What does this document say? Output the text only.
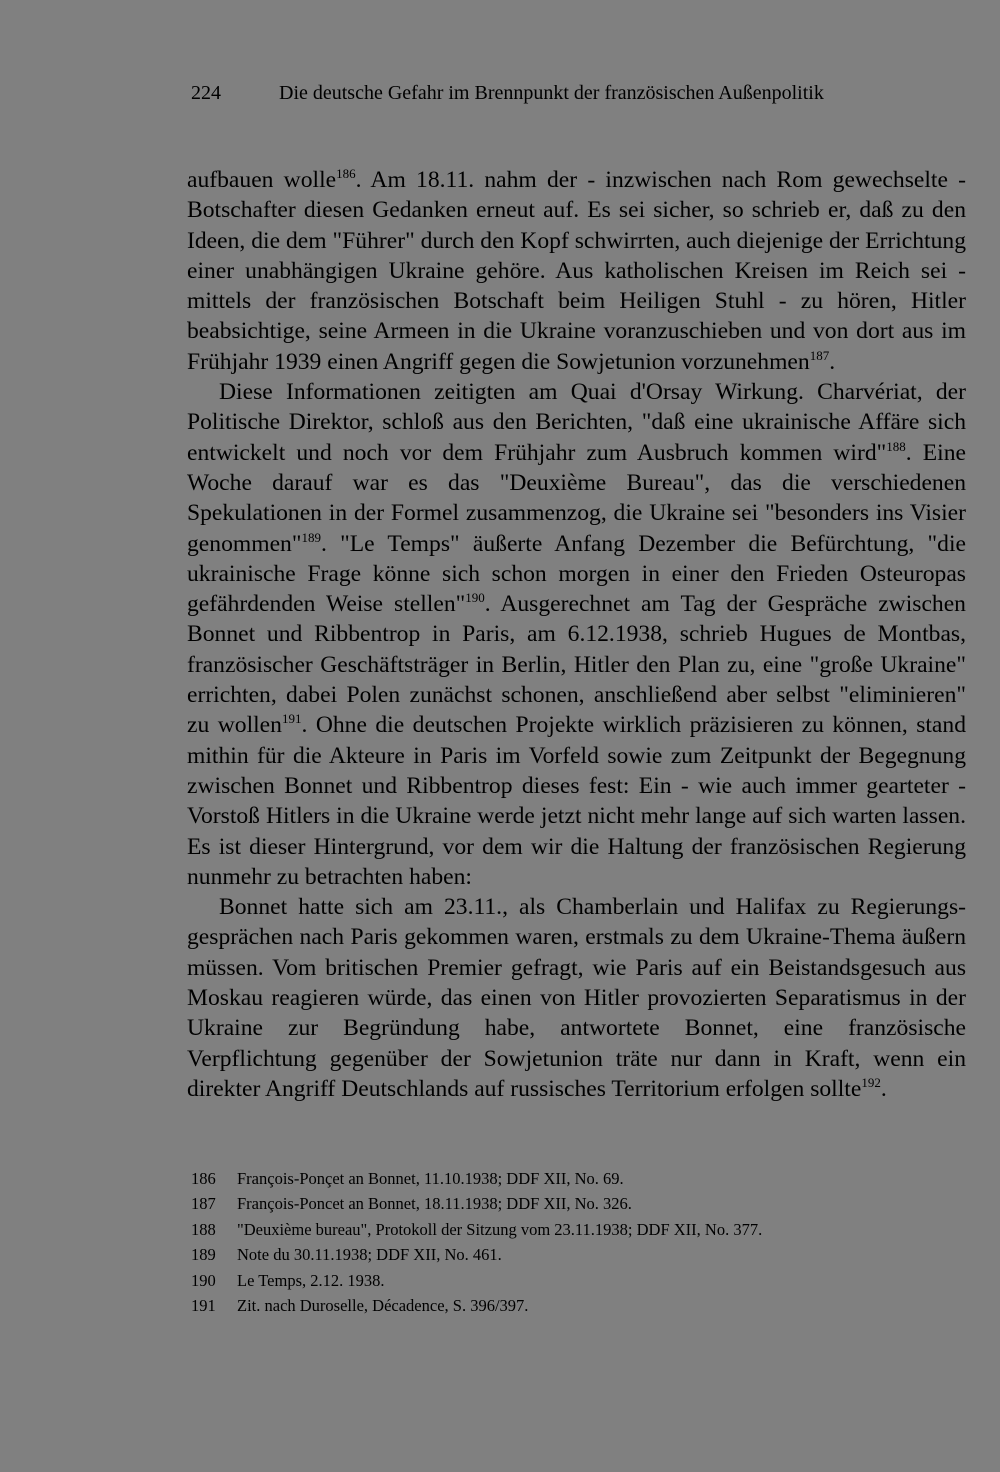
224	Die deutsche Gefahr im Brennpunkt der französischen Außenpolitik

aufbauen wolle$^{186}$. Am 18.11. nahm der - inzwischen nach Rom gewechselte - Botschafter diesen Gedanken erneut auf. Es sei sicher, so schrieb er, daß zu den Ideen, die dem "Führer" durch den Kopf schwirrten, auch diejenige der Errichtung einer unabhängigen Ukraine gehöre. Aus katholischen Kreisen im Reich sei - mittels der französischen Botschaft beim Heiligen Stuhl - zu hören, Hitler beabsichtige, seine Armeen in die Ukraine voranzuschieben und von dort aus im Frühjahr 1939 einen Angriff gegen die Sowjetunion vorzunehmen$^{187}$.

Diese Informationen zeitigten am Quai d'Orsay Wirkung. Charvériat, der Politische Direktor, schloß aus den Berichten, "daß eine ukrainische Affäre sich entwickelt und noch vor dem Frühjahr zum Ausbruch kommen wird"$^{188}$. Eine Woche darauf war es das "Deuxième Bureau", das die verschiedenen Spekulationen in der Formel zusammenzog, die Ukraine sei "besonders ins Visier genommen"$^{189}$. "Le Temps" äußerte Anfang Dezember die Befürchtung, "die ukrainische Frage könne sich schon morgen in einer den Frieden Osteuropas gefährdenden Weise stellen"$^{190}$. Ausgerechnet am Tag der Gespräche zwischen Bonnet und Ribbentrop in Paris, am 6.12.1938, schrieb Hugues de Montbas, französischer Geschäftsträger in Berlin, Hitler den Plan zu, eine "große Ukraine" errichten, dabei Polen zunächst schonen, anschließend aber selbst "eliminieren" zu wollen$^{191}$. Ohne die deutschen Projekte wirklich präzisieren zu können, stand mithin für die Akteure in Paris im Vorfeld sowie zum Zeitpunkt der Begegnung zwischen Bonnet und Ribbentrop dieses fest: Ein - wie auch immer gearteter - Vorstoß Hitlers in die Ukraine werde jetzt nicht mehr lange auf sich warten lassen. Es ist dieser Hintergrund, vor dem wir die Haltung der französischen Regierung nunmehr zu betrachten haben:

Bonnet hatte sich am 23.11., als Chamberlain und Halifax zu Regierungsgesprächen nach Paris gekommen waren, erstmals zu dem Ukraine-Thema äußern müssen. Vom britischen Premier gefragt, wie Paris auf ein Beistandsgesuch aus Moskau reagieren würde, das einen von Hitler provozierten Separatismus in der Ukraine zur Begründung habe, antwortete Bonnet, eine französische Verpflichtung gegenüber der Sowjetunion träte nur dann in Kraft, wenn ein direkter Angriff Deutschlands auf russisches Territorium erfolgen sollte$^{192}$.

186 François-Ponçet an Bonnet, 11.10.1938; DDF XII, No. 69.
187 François-Poncet an Bonnet, 18.11.1938; DDF XII, No. 326.
188 "Deuxième bureau", Protokoll der Sitzung vom 23.11.1938; DDF XII, No. 377.
189 Note du 30.11.1938; DDF XII, No. 461.
190 Le Temps, 2.12. 1938.
191 Zit. nach Duroselle, Décadence, S. 396/397.
